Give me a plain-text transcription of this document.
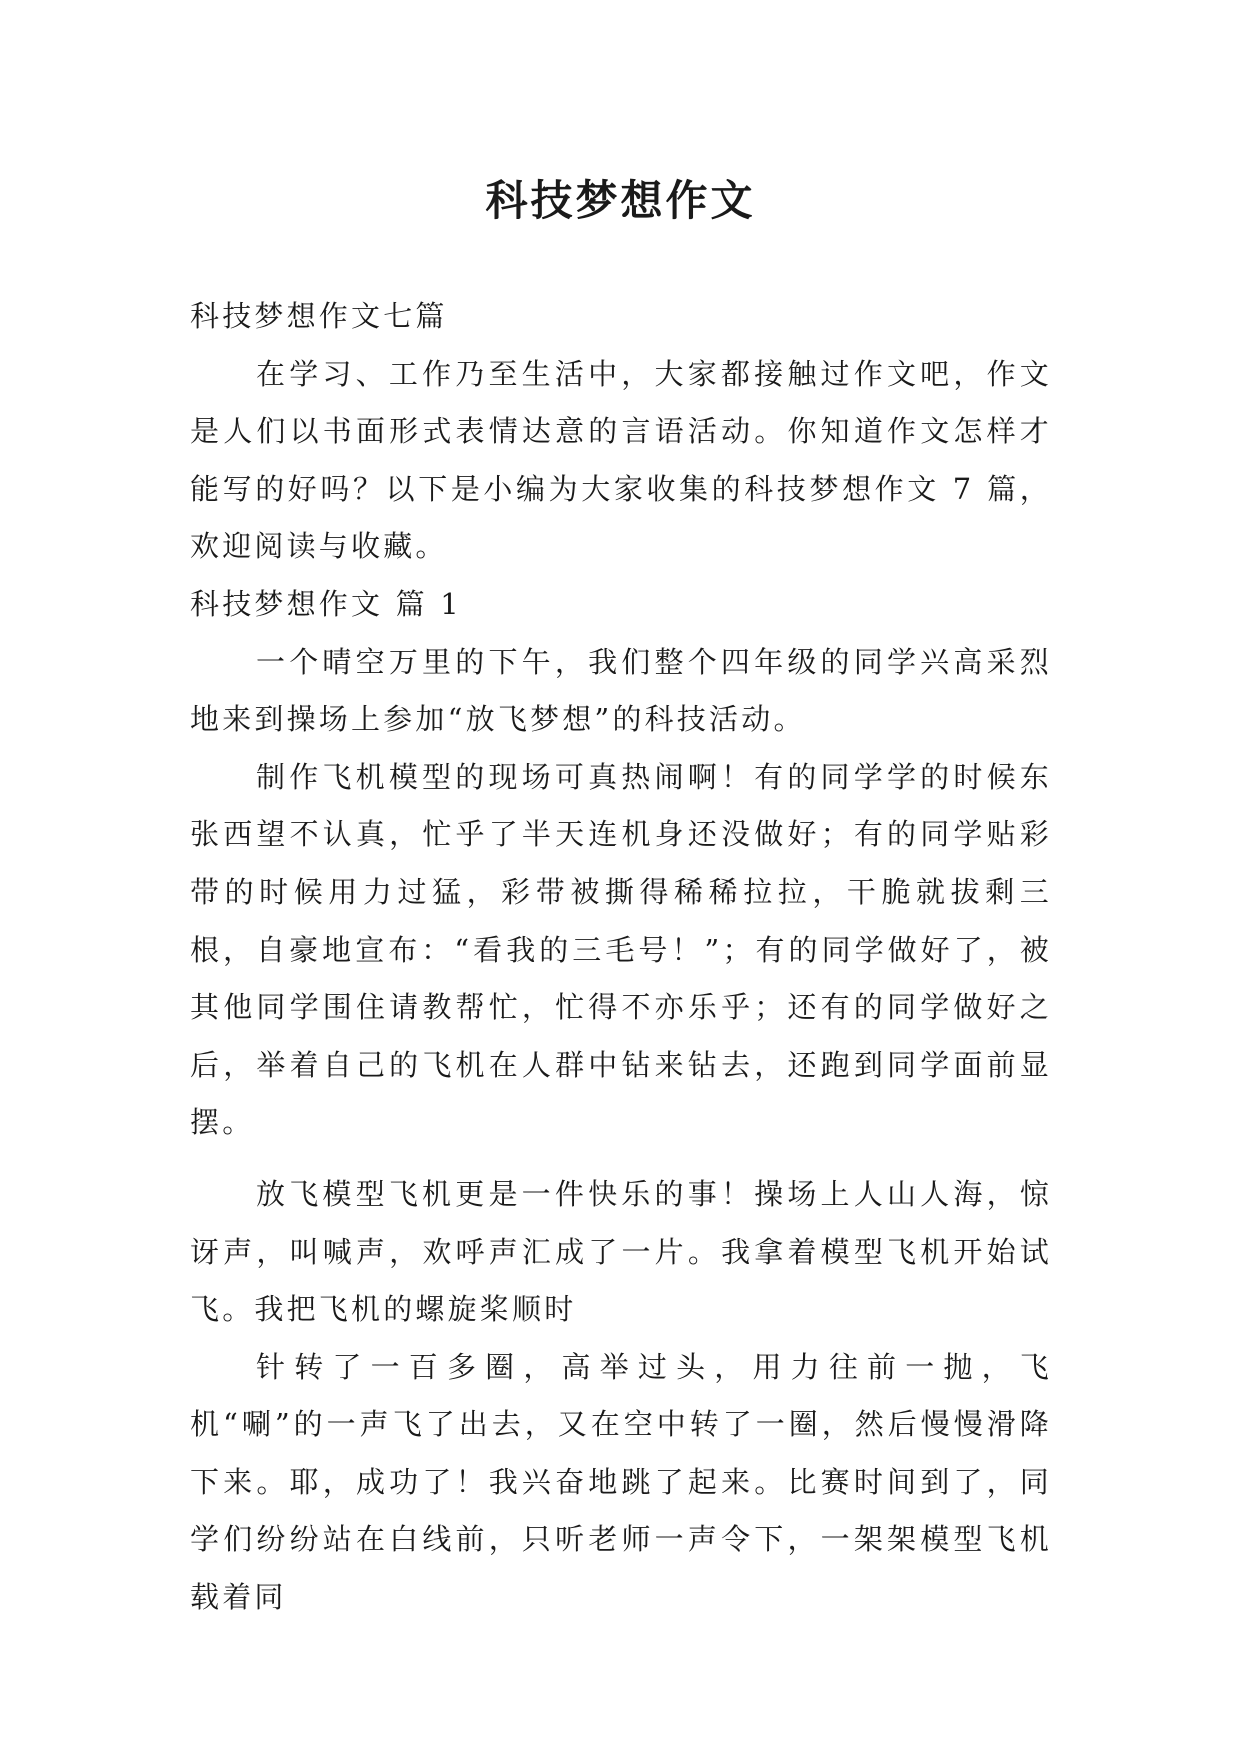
科技梦想作文

科技梦想作文七篇

在学习、工作乃至生活中，大家都接触过作文吧，作文是人们以书面形式表情达意的言语活动。你知道作文怎样才能写的好吗？以下是小编为大家收集的科技梦想作文 7 篇，欢迎阅读与收藏。

科技梦想作文 篇 1

一个晴空万里的下午，我们整个四年级的同学兴高采烈地来到操场上参加“放飞梦想”的科技活动。

制作飞机模型的现场可真热闹啊！有的同学学的时候东张西望不认真，忙乎了半天连机身还没做好；有的同学贴彩带的时候用力过猛，彩带被撕得稀稀拉拉，干脆就拔剩三根，自豪地宣布：“看我的三毛号！”；有的同学做好了，被其他同学围住请教帮忙，忙得不亦乐乎；还有的同学做好之后，举着自己的飞机在人群中钻来钻去，还跑到同学面前显摆。

放飞模型飞机更是一件快乐的事！操场上人山人海，惊讶声，叫喊声，欢呼声汇成了一片。我拿着模型飞机开始试飞。我把飞机的螺旋桨顺时

针转了一百多圈，高举过头，用力往前一抛，飞机“唰”的一声飞了出去，又在空中转了一圈，然后慢慢滑降下来。耶，成功了！我兴奋地跳了起来。比赛时间到了，同学们纷纷站在白线前，只听老师一声令下，一架架模型飞机载着同
